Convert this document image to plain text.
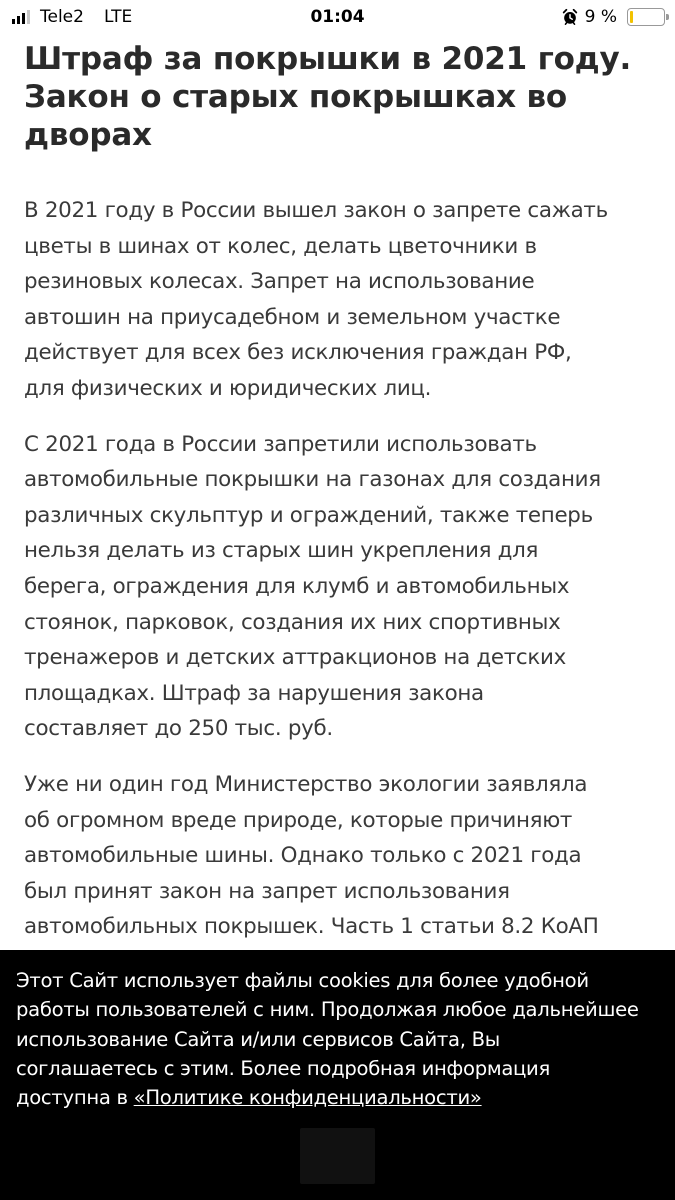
Tele2 LTE	01:04	9 %
Штраф за покрышки в 2021 году.
Закон о старых покрышках во
дворах

В 2021 году в России вышел закон о запрете сажать
цветы в шинах от колес, делать цветочники в
резиновых колесах. Запрет на использование
автошин на приусадебном и земельном участке
действует для всех без исключения граждан РФ,
для физических и юридических лиц.

С 2021 года в России запретили использовать
автомобильные покрышки на газонах для создания
различных скульптур и ограждений, также теперь
нельзя делать из старых шин укрепления для
берега, ограждения для клумб и автомобильных
стоянок, парковок, создания их них спортивных
тренажеров и детских аттракционов на детских
площадках. Штраф за нарушения закона
составляет до 250 тыс. руб.

Уже ни один год Министерство экологии заявляла
об огромном вреде природе, которые причиняют
автомобильные шины. Однако только с 2021 года
был принят закон на запрет использования
автомобильных покрышек. Часть 1 статьи 8.2 КоАП

Этот Сайт использует файлы cookies для более удобной
работы пользователей с ним. Продолжая любое дальнейшее
использование Сайта и/или сервисов Сайта, Вы
соглашаетесь с этим. Более подробная информация
доступна в «Политике конфиденциальности»
